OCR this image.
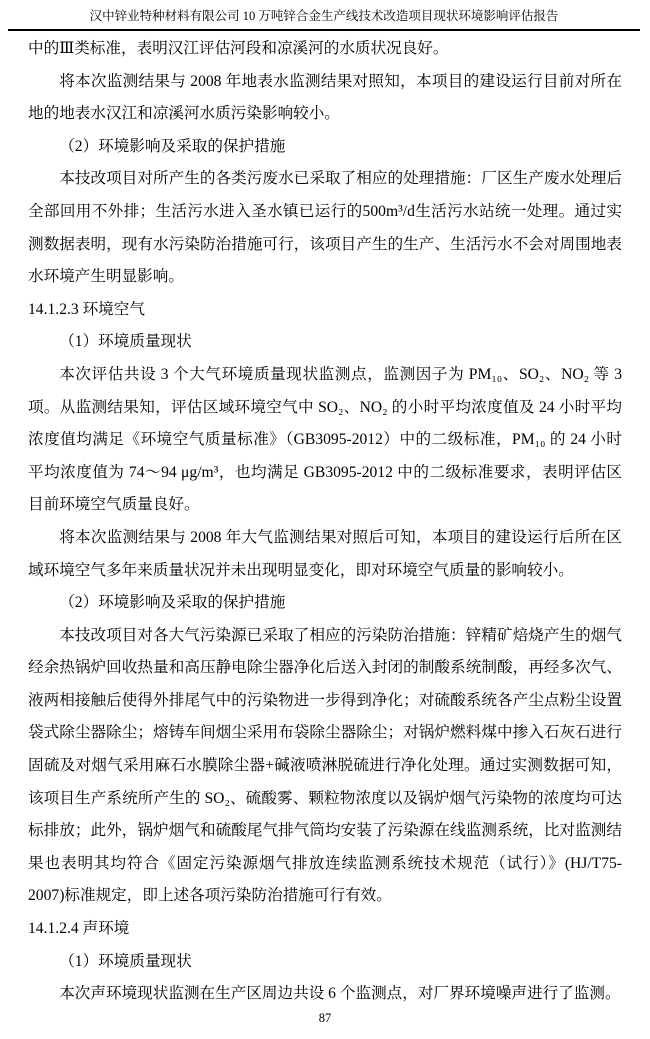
汉中锌业特种材料有限公司 10 万吨锌合金生产线技术改造项目现状环境影响评估报告

中的Ⅲ类标准，表明汉江评估河段和凉溪河的水质状况良好。

将本次监测结果与 2008 年地表水监测结果对照知，本项目的建设运行目前对所在地的地表水汉江和凉溪河水质污染影响较小。

（2）环境影响及采取的保护措施

本技改项目对所产生的各类污废水已采取了相应的处理措施：厂区生产废水处理后全部回用不外排；生活污水进入圣水镇已运行的500m³/d生活污水站统一处理。通过实测数据表明，现有水污染防治措施可行，该项目产生的生产、生活污水不会对周围地表水环境产生明显影响。

14.1.2.3 环境空气

（1）环境质量现状

本次评估共设 3 个大气环境质量现状监测点，监测因子为 PM₁₀、SO₂、NO₂ 等 3 项。从监测结果知，评估区域环境空气中 SO₂、NO₂ 的小时平均浓度值及 24 小时平均浓度值均满足《环境空气质量标准》（GB3095-2012）中的二级标准，PM₁₀ 的 24 小时平均浓度值为 74～94 μg/m³，也均满足 GB3095-2012 中的二级标准要求，表明评估区目前环境空气质量良好。

将本次监测结果与 2008 年大气监测结果对照后可知，本项目的建设运行后所在区域环境空气多年来质量状况并未出现明显变化，即对环境空气质量的影响较小。

（2）环境影响及采取的保护措施

本技改项目对各大气污染源已采取了相应的污染防治措施：锌精矿焙烧产生的烟气经余热锅炉回收热量和高压静电除尘器净化后送入封闭的制酸系统制酸，再经多次气、液两相接触后使得外排尾气中的污染物进一步得到净化；对硫酸系统各产尘点粉尘设置袋式除尘器除尘；熔铸车间烟尘采用布袋除尘器除尘；对锅炉燃料煤中掺入石灰石进行固硫及对烟气采用麻石水膜除尘器+碱液喷淋脱硫进行净化处理。通过实测数据可知，该项目生产系统所产生的 SO₂、硫酸雾、颗粒物浓度以及锅炉烟气污染物的浓度均可达标排放；此外，锅炉烟气和硫酸尾气排气筒均安装了污染源在线监测系统，比对监测结果也表明其均符合《固定污染源烟气排放连续监测系统技术规范（试行）》(HJ/T75-2007)标准规定，即上述各项污染防治措施可行有效。

14.1.2.4 声环境

（1）环境质量现状

本次声环境现状监测在生产区周边共设 6 个监测点，对厂界环境噪声进行了监测。

87
